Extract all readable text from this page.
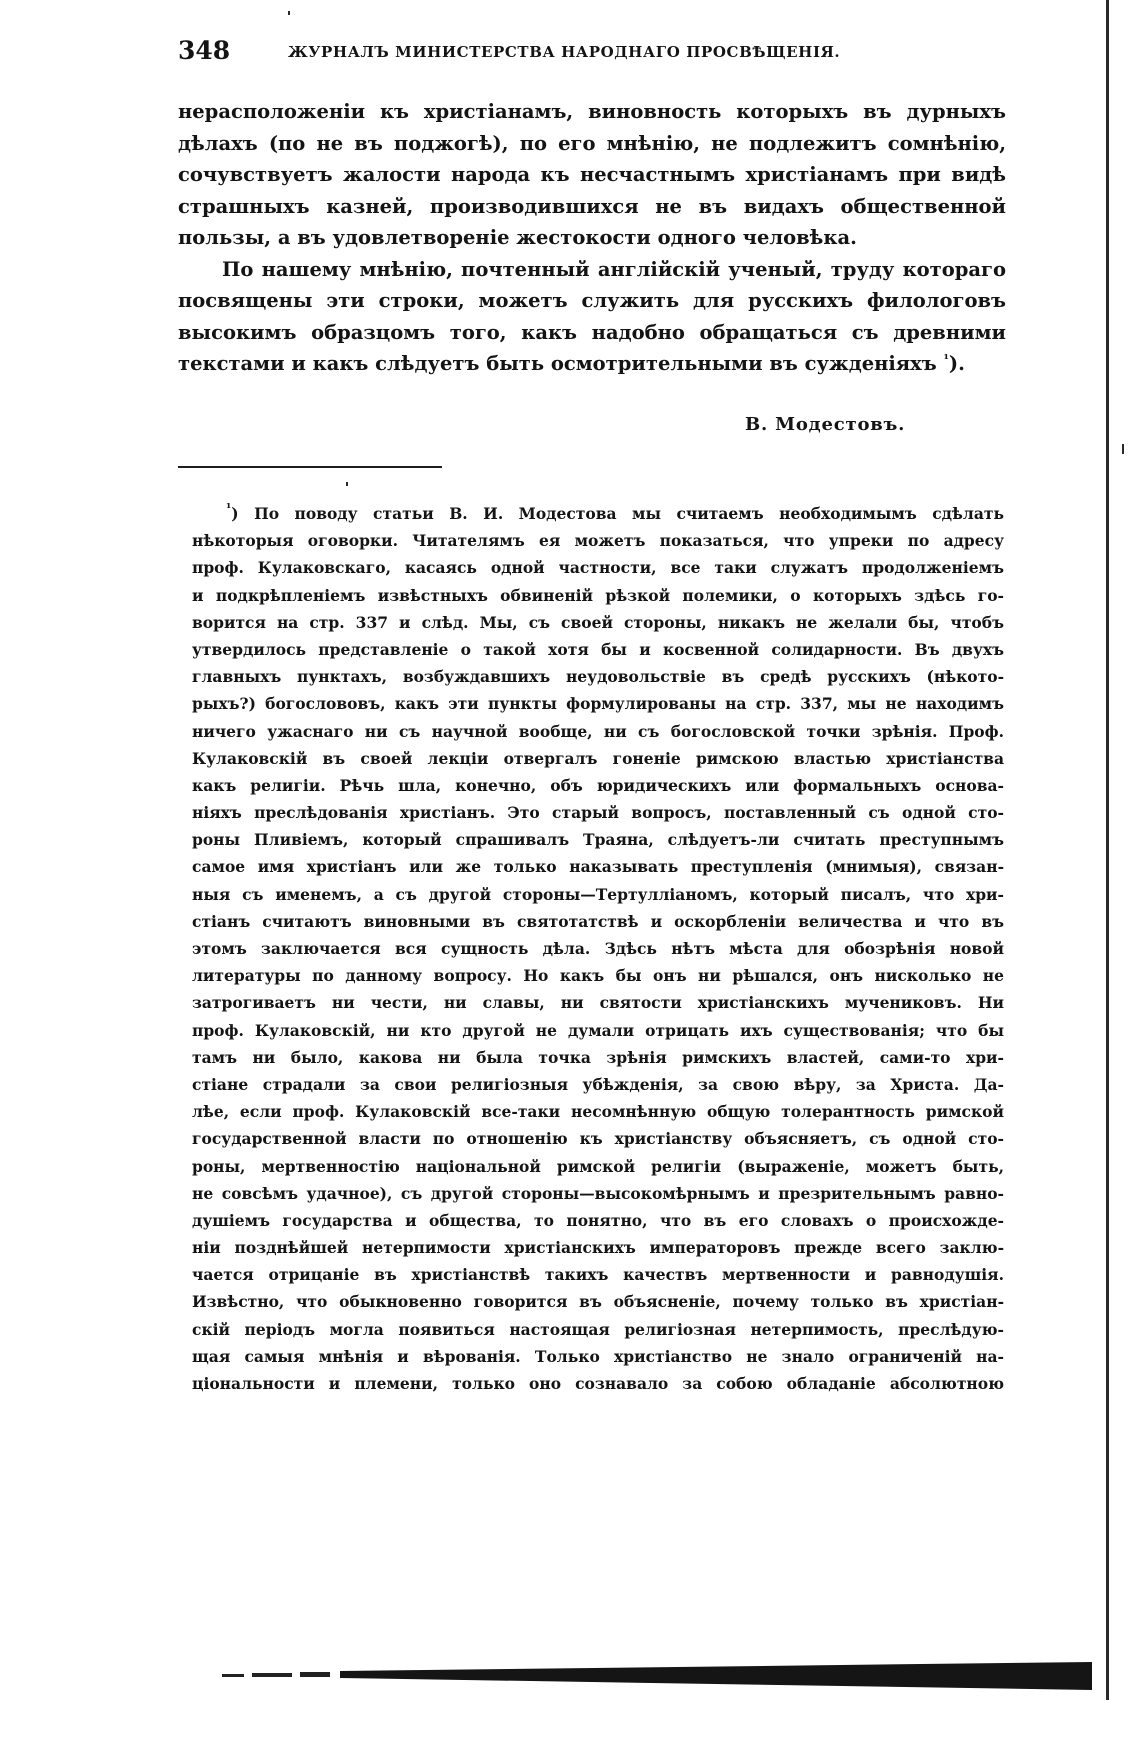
348	ЖУРНАЛЪ МИНИСТЕРСТВА НАРОДНАГО ПРОСВѢЩЕНІЯ.
нерасположеніи къ христіанамъ, виновность которыхъ въ дурныхъ
дѣлахъ (по не въ поджогѣ), по его мнѣнію, не подлежитъ сомнѣнію,
сочувствуетъ жалости народа къ несчастнымъ христіанамъ при видѣ
страшныхъ казней, производившихся не въ видахъ общественной
пользы, а въ удовлетвореніе жестокости одного человѣка.
По нашему мнѣнію, почтенный англійскій ученый, труду котораго
посвящены эти строки, можетъ служить для русскихъ филологовъ
высокимъ образцомъ того, какъ надобно обращаться съ древними
текстами и какъ слѣдуетъ быть осмотрительными въ сужденіяхъ $^{^1}$).
В. Модестовъ.
$^{^1}$) По поводу статьи В. И. Модестова мы считаемъ необходимымъ сдѣлать
нѣкоторыя оговорки. Читателямъ ея можетъ показаться, что упреки по адресу
проф. Кулаковскаго, касаясь одной частности, все таки служатъ продолженіемъ
и подкрѣпленіемъ извѣстныхъ обвиненій рѣзкой полемики, о которыхъ здѣсь го-
ворится на стр. 337 и слѣд. Мы, съ своей стороны, никакъ не желали бы, чтобъ
утвердилось представленіе о такой хотя бы и косвенной солидарности. Въ двухъ
главныхъ пунктахъ, возбуждавшихъ неудовольствіе въ средѣ русскихъ (нѣкото-
рыхъ?) богослововъ, какъ эти пункты формулированы на стр. 337, мы не находимъ
ничего ужаснаго ни съ научной вообще, ни съ богословской точки зрѣнія. Проф.
Кулаковскій въ своей лекціи отвергалъ гоненіе римскою властью христіанства
какъ религіи. Рѣчь шла, конечно, объ юридическихъ или формальныхъ основа-
ніяхъ преслѣдованія христіанъ. Это старый вопросъ, поставленный съ одной сто-
роны Пливіемъ, который спрашивалъ Траяна, слѣдуетъ-ли считать преступнымъ
самое имя христіанъ или же только наказывать преступленія (мнимыя), связан-
ныя съ именемъ, а съ другой стороны—Тертулліаномъ, который писалъ, что хри-
стіанъ считаютъ виновными въ святотатствѣ и оскорбленіи величества и что въ
этомъ заключается вся сущность дѣла. Здѣсь нѣтъ мѣста для обозрѣнія новой
литературы по данному вопросу. Но какъ бы онъ ни рѣшался, онъ нисколько не
затрогиваетъ ни чести, ни славы, ни святости христіанскихъ мучениковъ. Ни
проф. Кулаковскій, ни кто другой не думали отрицать ихъ существованія; что бы
тамъ ни было, какова ни была точка зрѣнія римскихъ властей, сами-то хри-
стіане страдали за свои религіозныя убѣжденія, за свою вѣру, за Христа. Да-
лѣе, если проф. Кулаковскій все-таки несомнѣнную общую толерантность римской
государственной власти по отношенію къ христіанству объясняетъ, съ одной сто-
роны, мертвенностію національной римской религіи (выраженіе, можетъ быть,
не совсѣмъ удачное), съ другой стороны—высокомѣрнымъ и презрительнымъ равно-
душіемъ государства и общества, то понятно, что въ его словахъ о происхожде-
ніи позднѣйшей нетерпимости христіанскихъ императоровъ прежде всего заклю-
чается отрицаніе въ христіанствѣ такихъ качествъ мертвенности и равнодушія.
Извѣстно, что обыкновенно говорится въ объясненіе, почему только въ христіан-
скій періодъ могла появиться настоящая религіозная нетерпимость, преслѣдую-
щая самыя мнѣнія и вѣрованія. Только христіанство не знало ограниченій на-
ціональности и племени, только оно сознавало за собою обладаніе абсолютною
